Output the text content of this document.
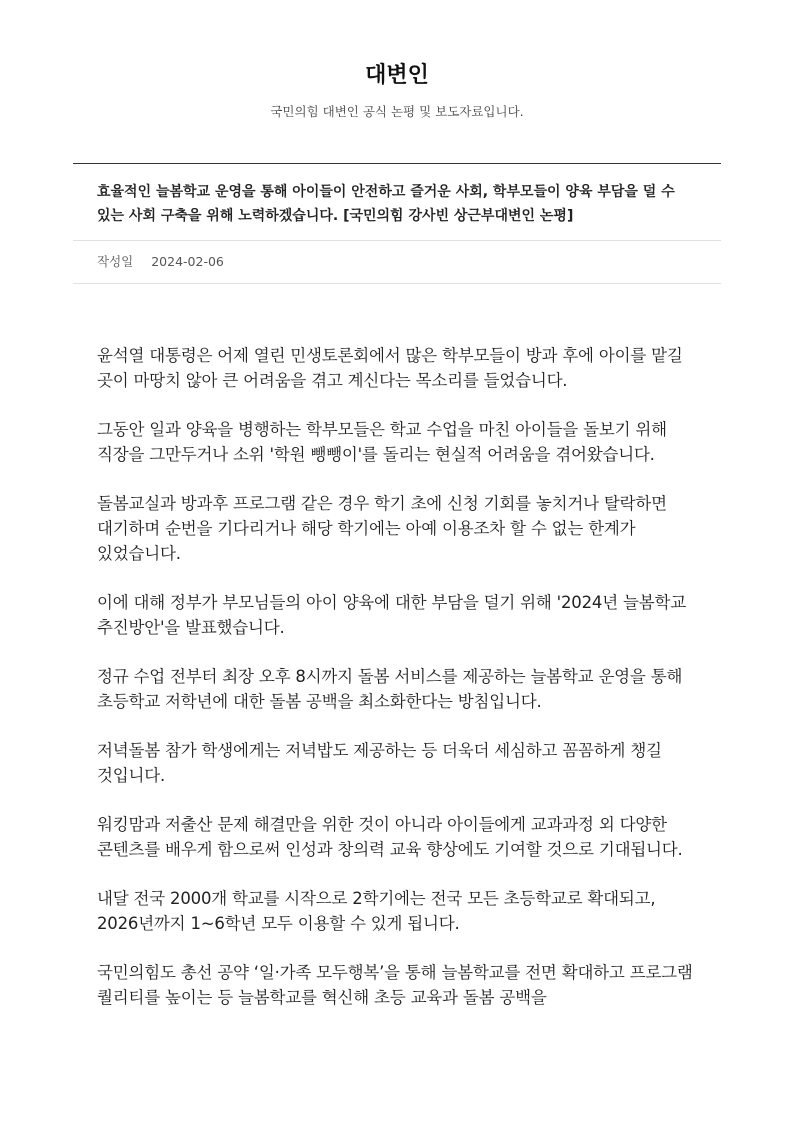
대변인

국민의힘 대변인 공식 논평 및 보도자료입니다.

효율적인 늘봄학교 운영을 통해 아이들이 안전하고 즐거운 사회, 학부모들이 양육 부담을 덜 수 있는 사회 구축을 위해 노력하겠습니다. [국민의힘 강사빈 상근부대변인 논평]
작성일 2024-02-06

윤석열 대통령은 어제 열린 민생토론회에서 많은 학부모들이 방과 후에 아이를 맡길 곳이 마땅치 않아 큰 어려움을 겪고 계신다는 목소리를 들었습니다.

그동안 일과 양육을 병행하는 학부모들은 학교 수업을 마친 아이들을 돌보기 위해 직장을 그만두거나 소위 '학원 뺑뺑이'를 돌리는 현실적 어려움을 겪어왔습니다.

돌봄교실과 방과후 프로그램 같은 경우 학기 초에 신청 기회를 놓치거나 탈락하면 대기하며 순번을 기다리거나 해당 학기에는 아예 이용조차 할 수 없는 한계가 있었습니다.

이에 대해 정부가 부모님들의 아이 양육에 대한 부담을 덜기 위해 '2024년 늘봄학교 추진방안'을 발표했습니다.

정규 수업 전부터 최장 오후 8시까지 돌봄 서비스를 제공하는 늘봄학교 운영을 통해 초등학교 저학년에 대한 돌봄 공백을 최소화한다는 방침입니다.

저녁돌봄 참가 학생에게는 저녁밥도 제공하는 등 더욱더 세심하고 꼼꼼하게 챙길 것입니다.

워킹맘과 저출산 문제 해결만을 위한 것이 아니라 아이들에게 교과과정 외 다양한 콘텐츠를 배우게 함으로써 인성과 창의력 교육 향상에도 기여할 것으로 기대됩니다.

내달 전국 2000개 학교를 시작으로 2학기에는 전국 모든 초등학교로 확대되고, 2026년까지 1~6학년 모두 이용할 수 있게 됩니다.

국민의힘도 총선 공약 ‘일·가족 모두행복’을 통해 늘봄학교를 전면 확대하고 프로그램 퀄리티를 높이는 등 늘봄학교를 혁신해 초등 교육과 돌봄 공백을
